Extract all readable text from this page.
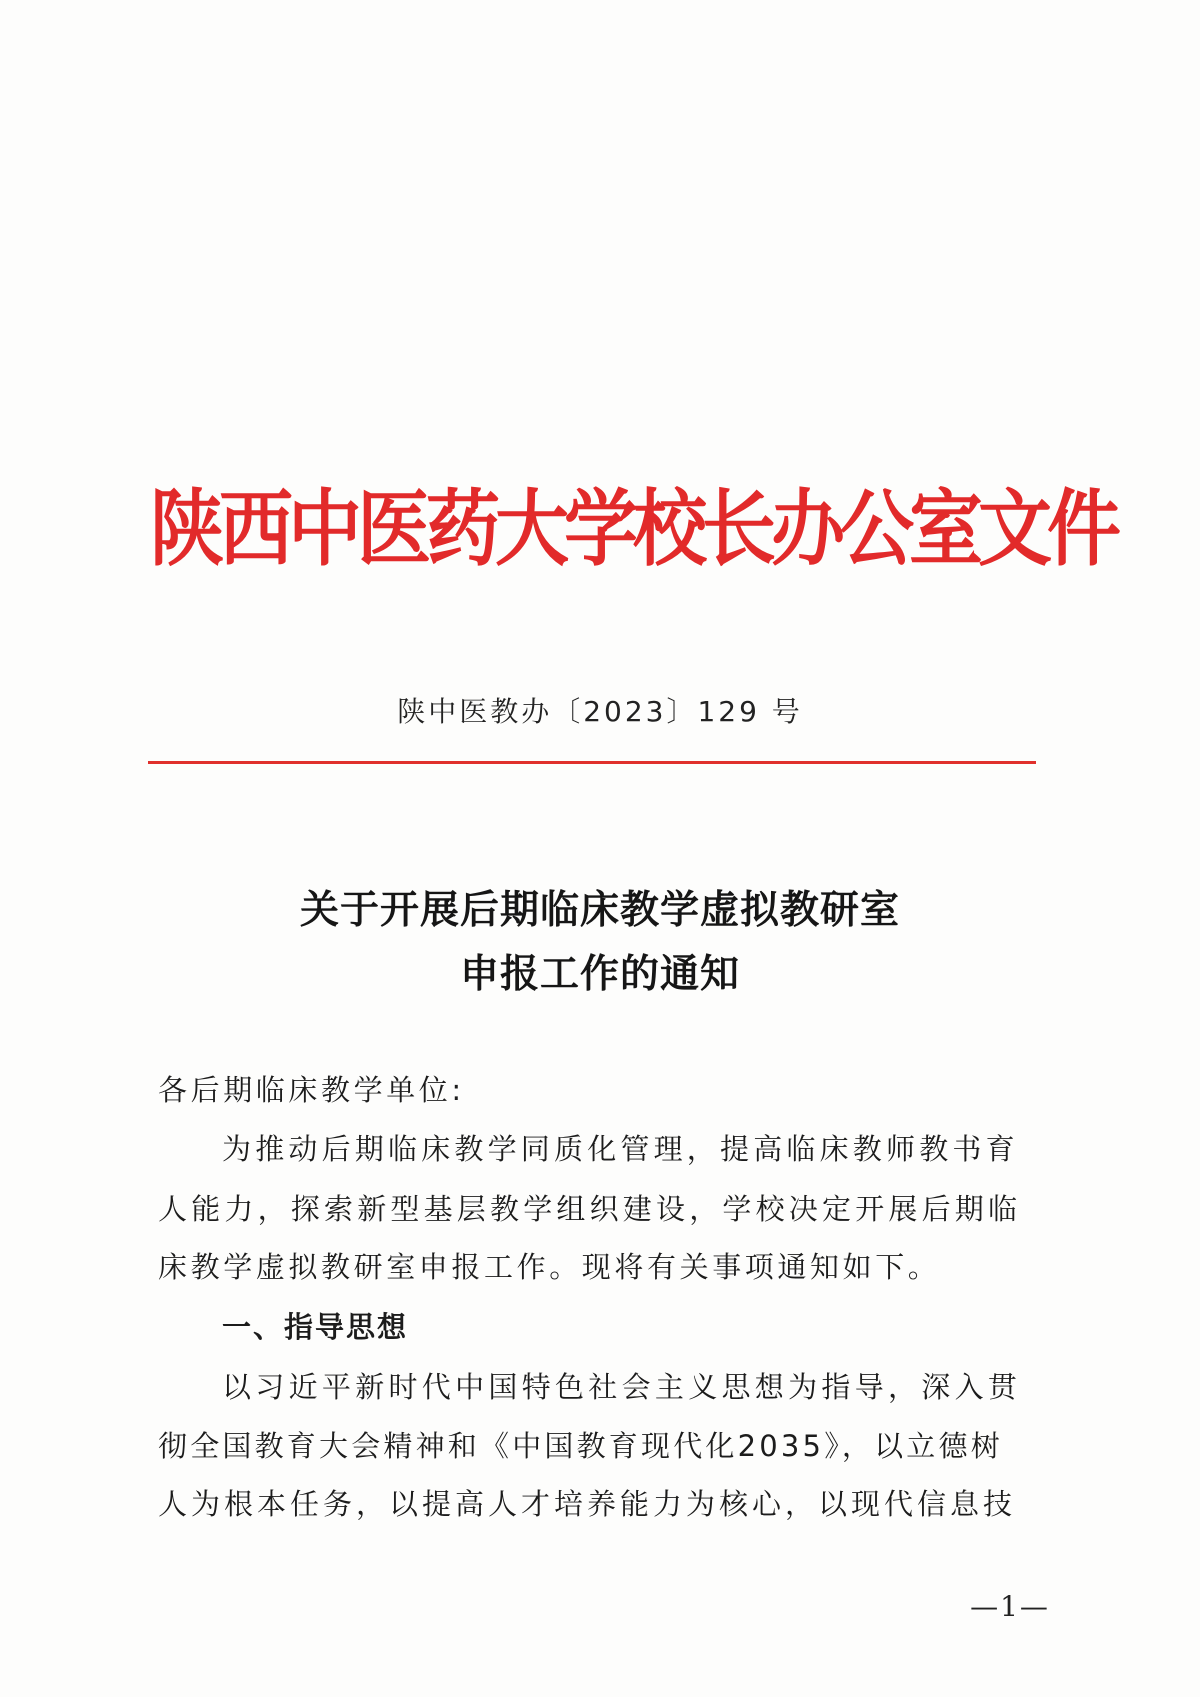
陕西中医药大学校长办公室文件
陕中医教办〔2023〕129 号
关于开展后期临床教学虚拟教研室
申报工作的通知
各后期临床教学单位:
为推动后期临床教学同质化管理，提高临床教师教书育
人能力，探索新型基层教学组织建设，学校决定开展后期临
床教学虚拟教研室申报工作。现将有关事项通知如下。
一、指导思想
以习近平新时代中国特色社会主义思想为指导，深入贯
彻全国教育大会精神和《中国教育现代化2035》，以立德树
人为根本任务，以提高人才培养能力为核心，以现代信息技
—1—
